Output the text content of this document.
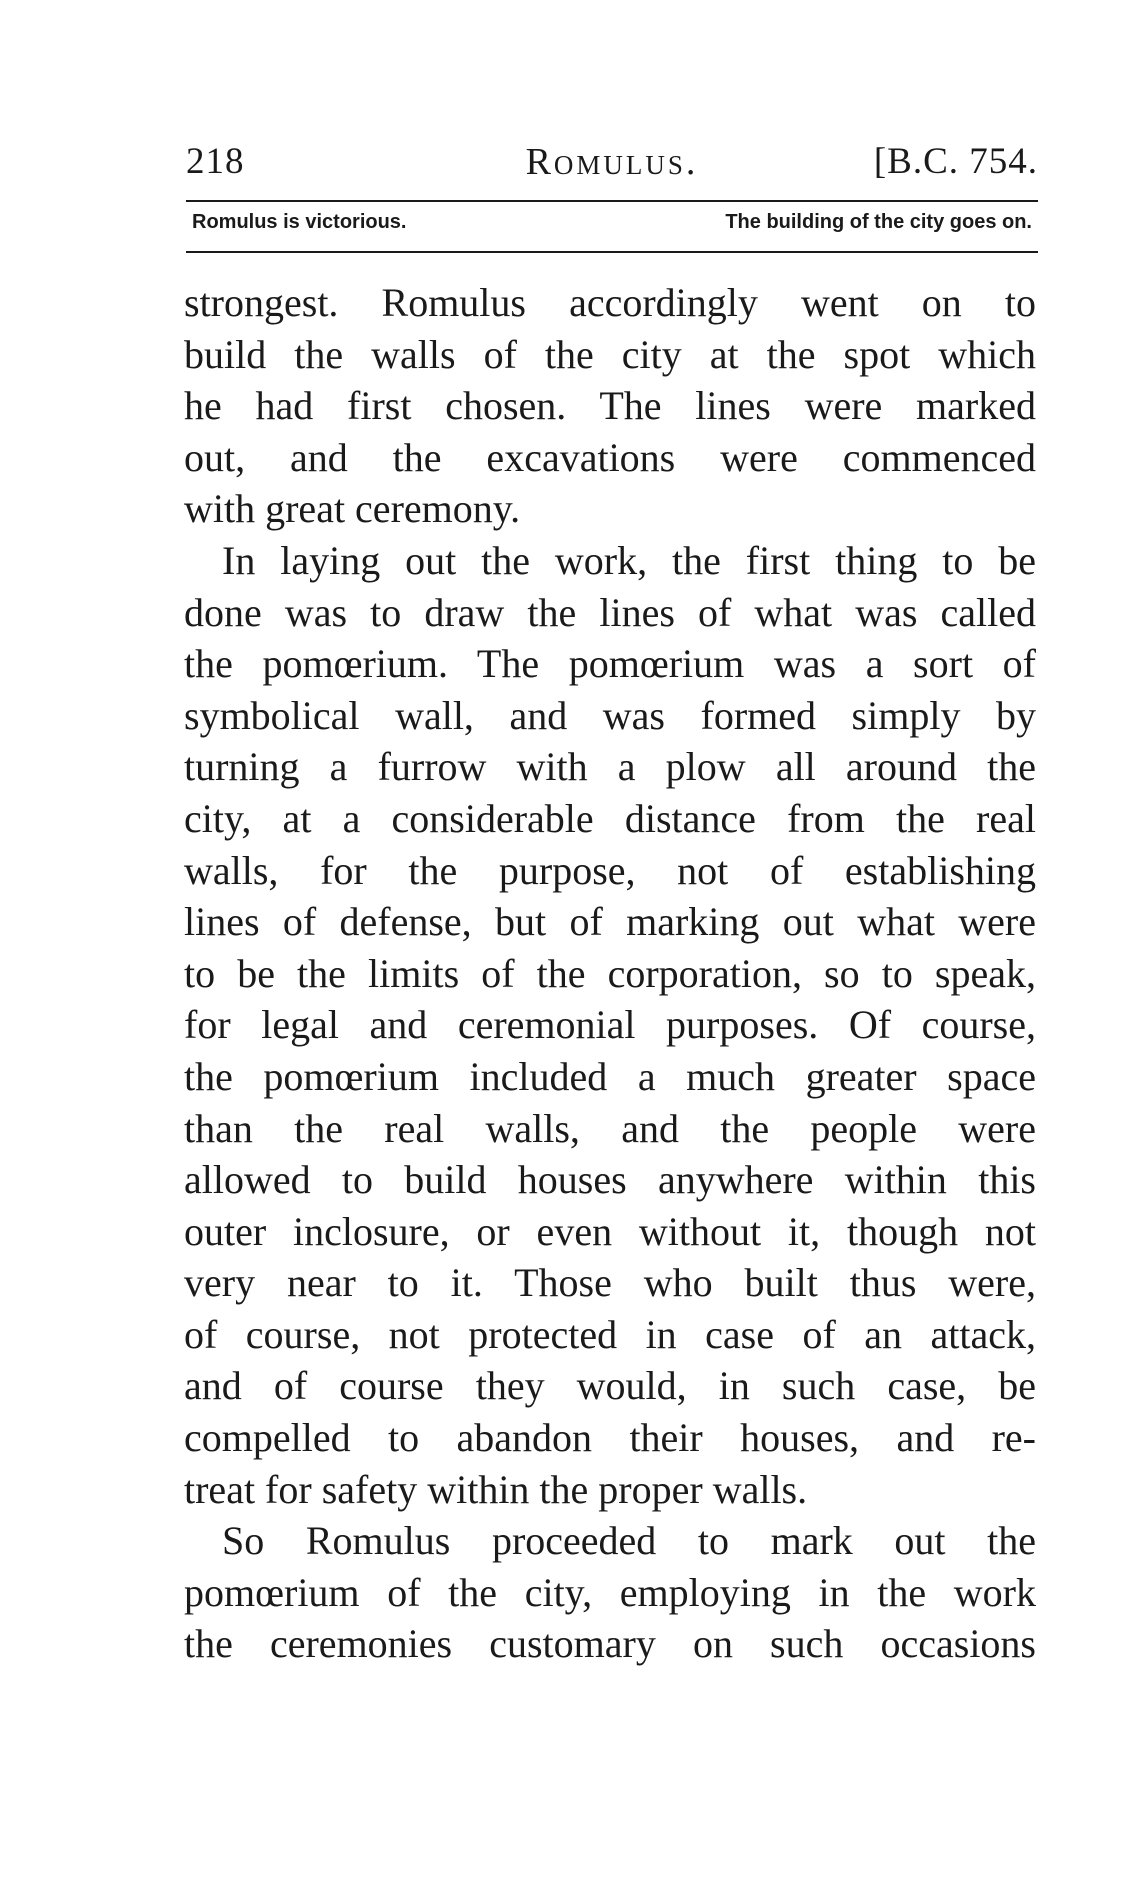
218	Romulus.	[B.C. 754.
Romulus is victorious.	The building of the city goes on.
strongest. Romulus accordingly went on to
build the walls of the city at the spot which
he had first chosen. The lines were marked
out, and the excavations were commenced
with great ceremony.
In laying out the work, the first thing to be
done was to draw the lines of what was called
the pomœrium. The pomœrium was a sort of
symbolical wall, and was formed simply by
turning a furrow with a plow all around the
city, at a considerable distance from the real
walls, for the purpose, not of establishing
lines of defense, but of marking out what were
to be the limits of the corporation, so to speak,
for legal and ceremonial purposes. Of course,
the pomœrium included a much greater space
than the real walls, and the people were
allowed to build houses anywhere within this
outer inclosure, or even without it, though not
very near to it. Those who built thus were,
of course, not protected in case of an attack,
and of course they would, in such case, be
compelled to abandon their houses, and re-
treat for safety within the proper walls.
So Romulus proceeded to mark out the
pomœrium of the city, employing in the work
the ceremonies customary on such occasions
